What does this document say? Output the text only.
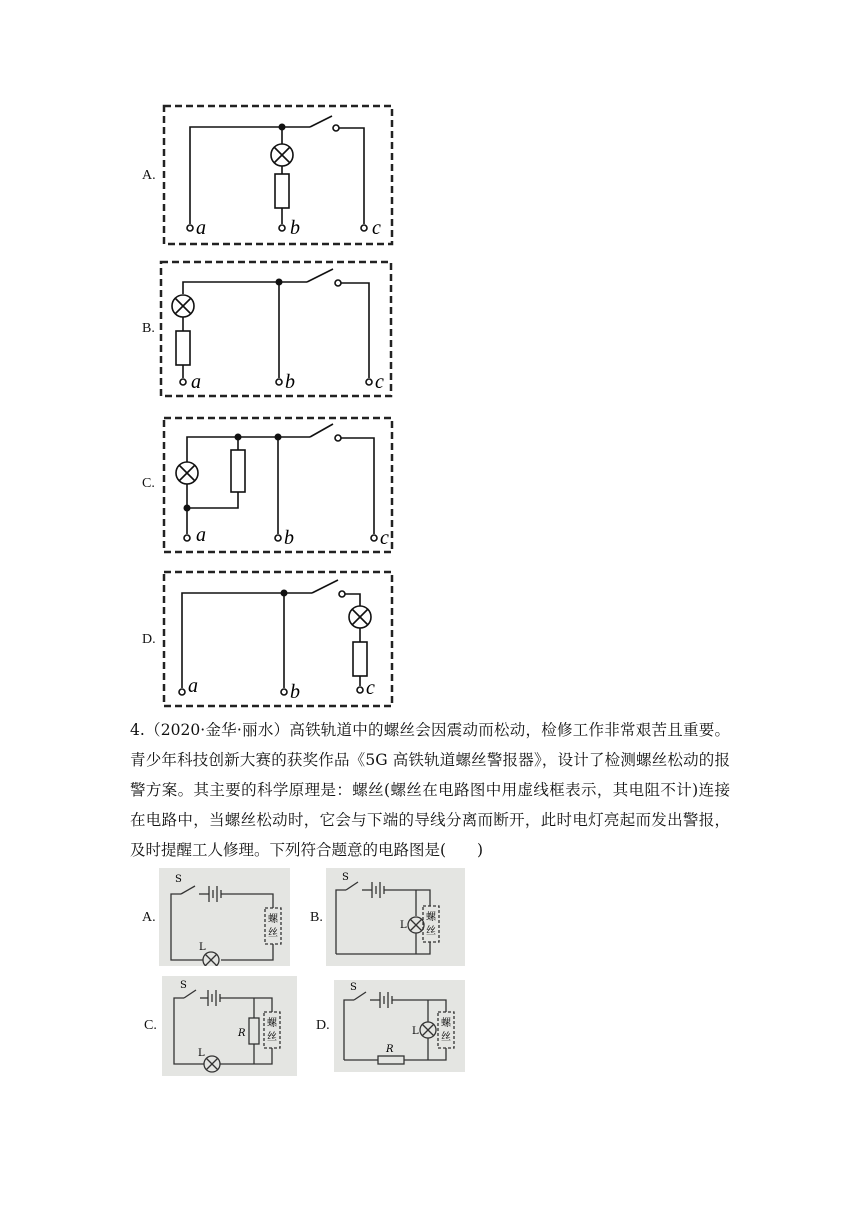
A.
a	b	c
B.
a	b	c
C.
a	b	c
D.
a	b	c
4.（2020·金华·丽水）高铁轨道中的螺丝会因震动而松动，检修工作非常艰苦且重要。青少年科技创新大赛的获奖作品《5G 高铁轨道螺丝警报器》，设计了检测螺丝松动的报警方案。其主要的科学原理是：螺丝(螺丝在电路图中用虚线框表示，其电阻不计)连接在电路中，当螺丝松动时，它会与下端的导线分离而断开，此时电灯亮起而发出警报，及时提醒工人修理。下列符合题意的电路图是(　　)
A.
S
L
螺
丝
B.
S
L
螺
丝
C.
S
L
R
螺
丝
D.
S
L
R
螺
丝
